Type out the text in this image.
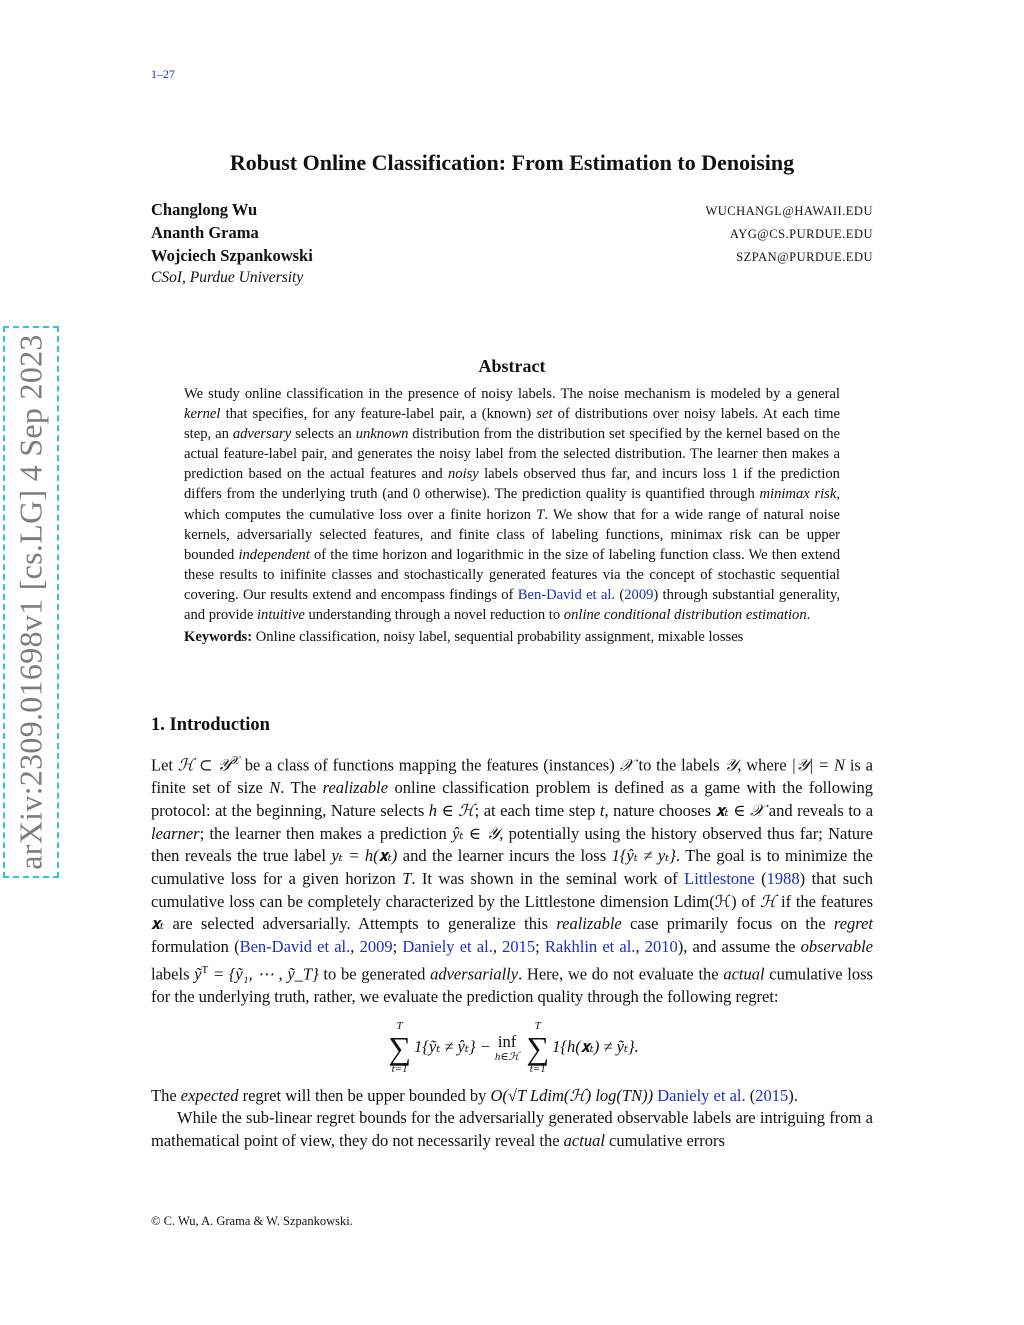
1–27
arXiv:2309.01698v1 [cs.LG] 4 Sep 2023
Robust Online Classification: From Estimation to Denoising
Changlong Wu	WUCHANGL@HAWAII.EDU
Ananth Grama	AYG@CS.PURDUE.EDU
Wojciech Szpankowski	SZPAN@PURDUE.EDU
CSoI, Purdue University
Abstract

We study online classification in the presence of noisy labels. The noise mechanism is modeled by a general kernel that specifies, for any feature-label pair, a (known) set of distributions over noisy labels. At each time step, an adversary selects an unknown distribution from the distribution set specified by the kernel based on the actual feature-label pair, and generates the noisy label from the selected distribution. The learner then makes a prediction based on the actual features and noisy labels observed thus far, and incurs loss 1 if the prediction differs from the underlying truth (and 0 otherwise). The prediction quality is quantified through minimax risk, which computes the cumulative loss over a finite horizon T. We show that for a wide range of natural noise kernels, adversarially selected features, and finite class of labeling functions, minimax risk can be upper bounded independent of the time horizon and logarithmic in the size of labeling function class. We then extend these results to inifinite classes and stochastically generated features via the concept of stochastic sequential covering. Our results extend and encompass findings of Ben-David et al. (2009) through substantial generality, and provide intuitive understanding through a novel reduction to online conditional distribution estimation.

Keywords: Online classification, noisy label, sequential probability assignment, mixable losses

1. Introduction

Let ℋ ⊂ 𝒴$^𝒳$ be a class of functions mapping the features (instances) 𝒳 to the labels 𝒴, where |𝒴| = N is a finite set of size N. The realizable online classification problem is defined as a game with the following protocol: at the beginning, Nature selects h ∈ ℋ; at each time step t, nature chooses 𝐱ₜ ∈ 𝒳 and reveals to a learner; the learner then makes a prediction ŷₜ ∈ 𝒴, potentially using the history observed thus far; Nature then reveals the true label yₜ = h(𝐱ₜ) and the learner incurs the loss 1{ŷₜ ≠ yₜ}. The goal is to minimize the cumulative loss for a given horizon T. It was shown in the seminal work of Littlestone (1988) that such cumulative loss can be completely characterized by the Littlestone dimension Ldim(ℋ) of ℋ if the features 𝐱ₜ are selected adversarially. Attempts to generalize this realizable case primarily focus on the regret formulation (Ben-David et al., 2009; Daniely et al., 2015; Rakhlin et al., 2010), and assume the observable labels ỹ$^T$ = {ỹ₁, ⋯ , ỹ_T} to be generated adversarially. Here, we do not evaluate the actual cumulative loss for the underlying truth, rather, we evaluate the prediction quality through the following regret:

T
∑
t=1
1{ỹₜ ≠ ŷₜ} − inf
h∈ℋ
T
∑
t=1
1{h(𝐱ₜ) ≠ ỹₜ}.

The expected regret will then be upper bounded by O(√T Ldim(ℋ) log(TN)) Daniely et al. (2015).

While the sub-linear regret bounds for the adversarially generated observable labels are intriguing from a mathematical point of view, they do not necessarily reveal the actual cumulative errors

© C. Wu, A. Grama & W. Szpankowski.
